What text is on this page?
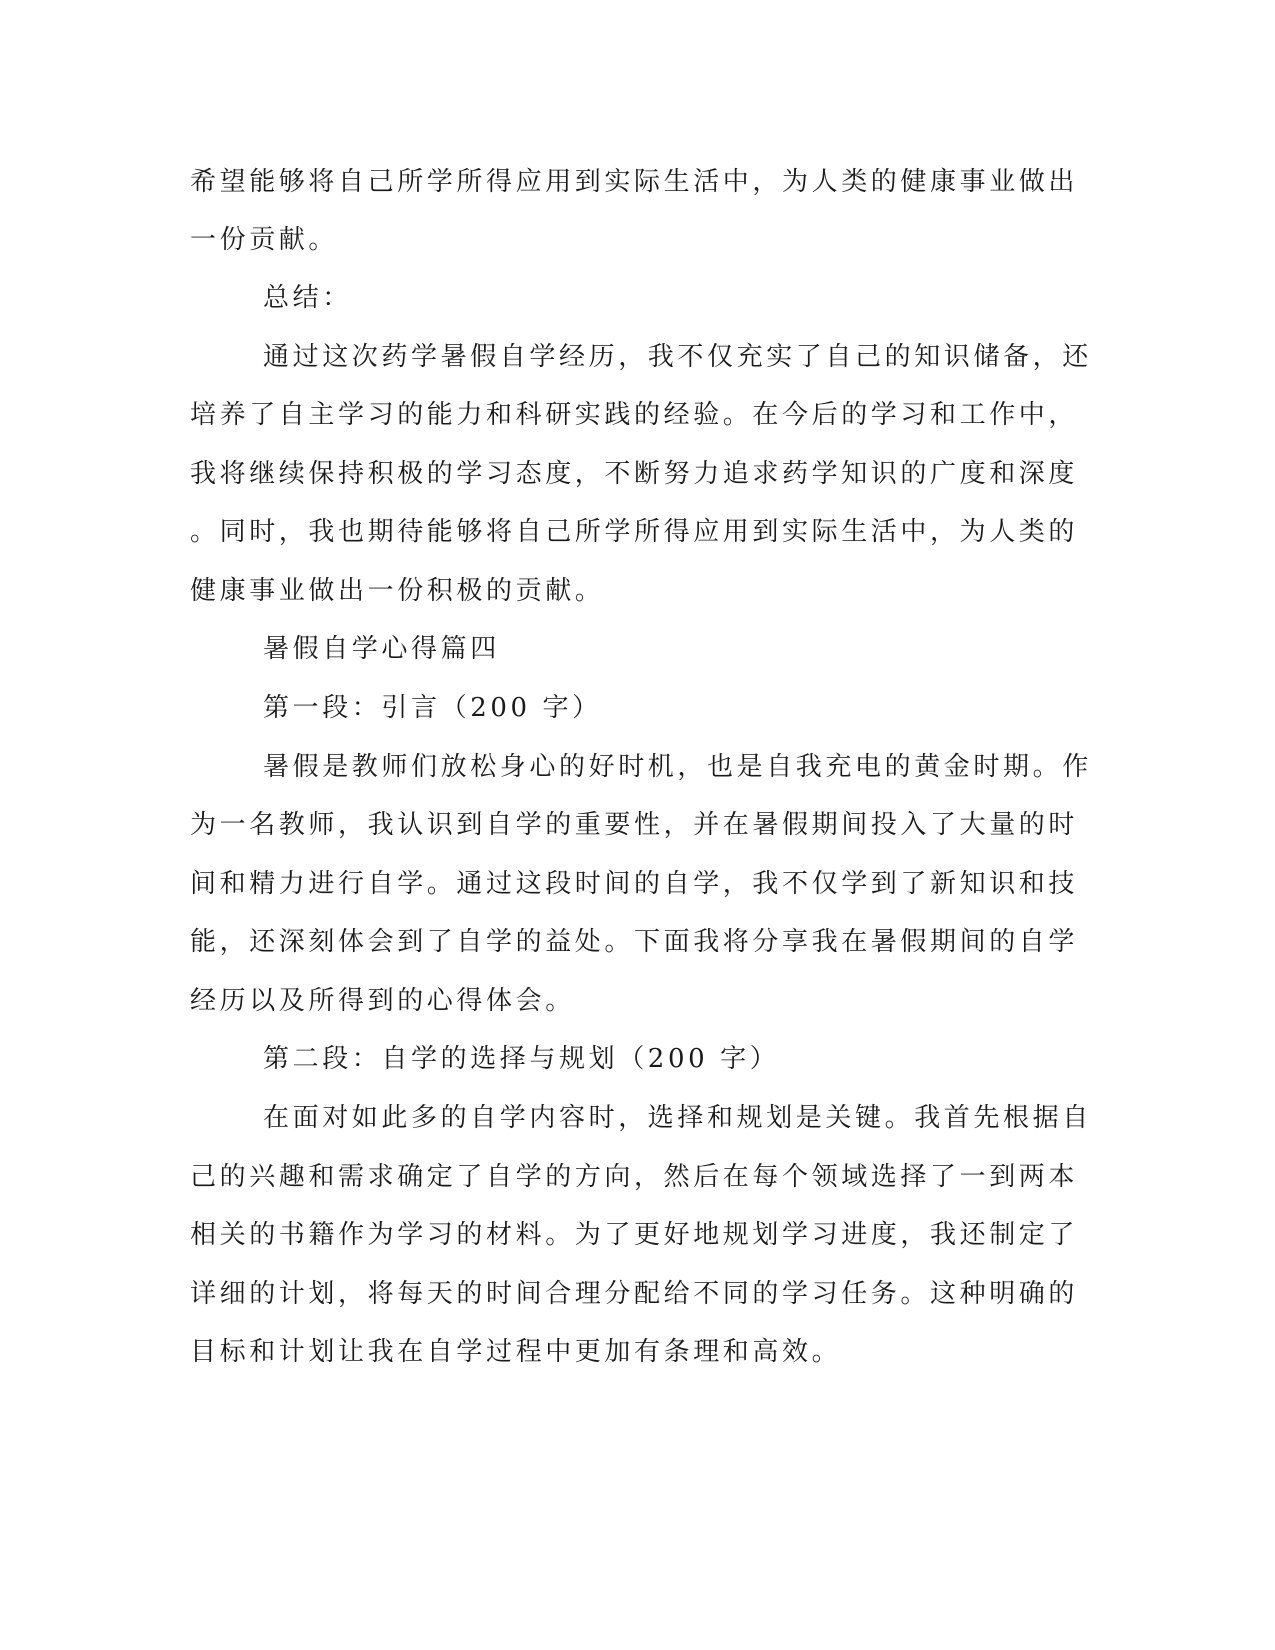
希望能够将自己所学所得应用到实际生活中，为人类的健康事业做出

一份贡献。

总结：

通过这次药学暑假自学经历，我不仅充实了自己的知识储备，还

培养了自主学习的能力和科研实践的经验。在今后的学习和工作中，

我将继续保持积极的学习态度，不断努力追求药学知识的广度和深度

。同时，我也期待能够将自己所学所得应用到实际生活中，为人类的

健康事业做出一份积极的贡献。

暑假自学心得篇四

第一段：引言（200 字）

暑假是教师们放松身心的好时机，也是自我充电的黄金时期。作

为一名教师，我认识到自学的重要性，并在暑假期间投入了大量的时

间和精力进行自学。通过这段时间的自学，我不仅学到了新知识和技

能，还深刻体会到了自学的益处。下面我将分享我在暑假期间的自学

经历以及所得到的心得体会。

第二段：自学的选择与规划（200 字）

在面对如此多的自学内容时，选择和规划是关键。我首先根据自

己的兴趣和需求确定了自学的方向，然后在每个领域选择了一到两本

相关的书籍作为学习的材料。为了更好地规划学习进度，我还制定了

详细的计划，将每天的时间合理分配给不同的学习任务。这种明确的

目标和计划让我在自学过程中更加有条理和高效。
